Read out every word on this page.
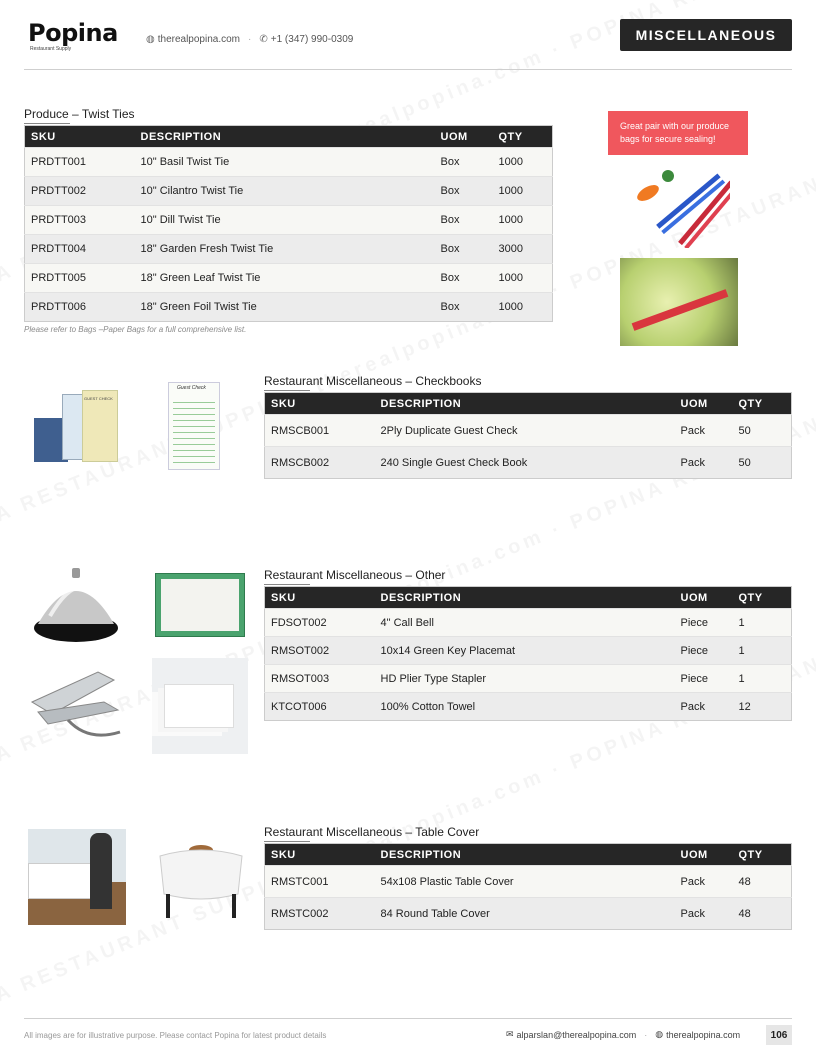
Popina
Restaurant Supply
◍ therealpopina.com · ✆ +1 (347) 990-0309	MISCELLANEOUS
Produce – Twist Ties
SKU	DESCRIPTION	UOM	QTY
PRDTT001	10" Basil Twist Tie	Box	1000
PRDTT002	10" Cilantro Twist Tie	Box	1000
PRDTT003	10" Dill Twist Tie	Box	1000
PRDTT004	18" Garden Fresh Twist Tie	Box	3000
PRDTT005	18" Green Leaf Twist Tie	Box	1000
PRDTT006	18" Green Foil Twist Tie	Box	1000
Please refer to Bags –Paper Bags for a full comprehensive list.
Great pair with our produce bags for secure sealing!
GUEST CHECK
Guest Check	Restaurant Miscellaneous – Checkbooks
SKU	DESCRIPTION	UOM	QTY
RMSCB001	2Ply Duplicate Guest Check	Pack	50
RMSCB002	240 Single Guest Check Book	Pack	50
Restaurant Miscellaneous – Other
SKU	DESCRIPTION	UOM	QTY
FDSOT002	4" Call Bell	Piece	1
RMSOT002	10x14 Green Key Placemat	Piece	1
RMSOT003	HD Plier Type Stapler	Piece	1
KTCOT006	100% Cotton Towel	Pack	12
Restaurant Miscellaneous – Table Cover
SKU	DESCRIPTION	UOM	QTY
RMSTC001	54x108 Plastic Table Cover	Pack	48
RMSTC002	84 Round Table Cover	Pack	48
All images are for illustrative purpose. Please contact Popina for latest product details	✉ alparslan@therealpopina.com · ◍ therealpopina.com	106
